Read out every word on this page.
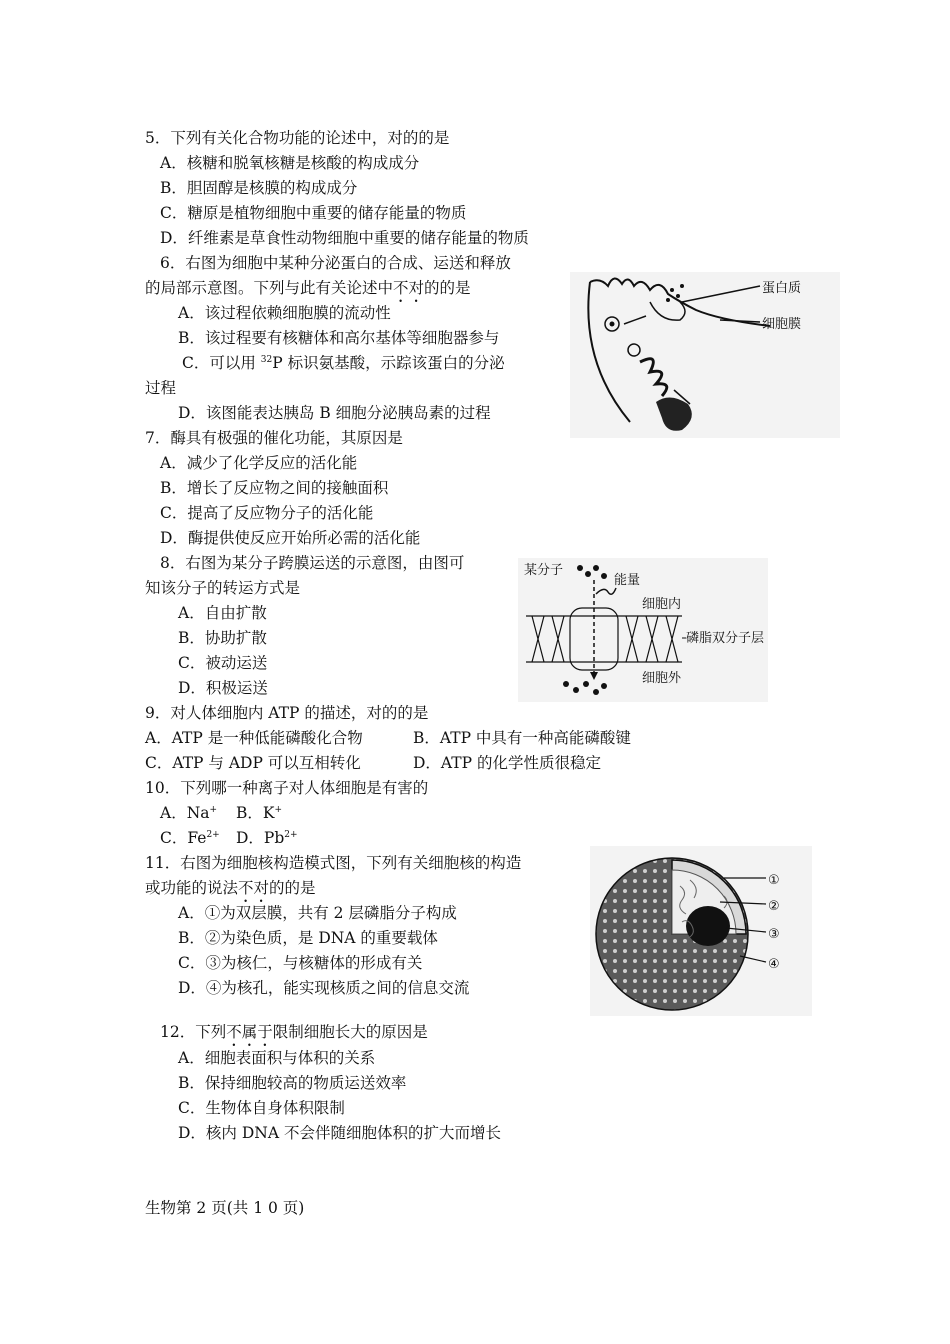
5．下列有关化合物功能的论述中，对的的是
A．核糖和脱氧核糖是核酸的构成成分
B．胆固醇是核膜的构成成分
C．糖原是植物细胞中重要的储存能量的物质
D．纤维素是草食性动物细胞中重要的储存能量的物质
6．右图为细胞中某种分泌蛋白的合成、运送和释放
的局部示意图。下列与此有关论述中不对的的是
A．该过程依赖细胞膜的流动性
B．该过程要有核糖体和高尔基体等细胞器参与
C．可以用 $^{32}$P 标识氨基酸，示踪该蛋白的分泌
过程
D．该图能表达胰岛 B 细胞分泌胰岛素的过程
蛋白质
细胞膜
7．酶具有极强的催化功能，其原因是
A．减少了化学反应的活化能
B．增长了反应物之间的接触面积
C．提高了反应物分子的活化能
D．酶提供使反应开始所必需的活化能
8．右图为某分子跨膜运送的示意图，由图可
知该分子的转运方式是
A．自由扩散
B．协助扩散
C．被动运送
D．积极运送
某分子
能量
细胞内
磷脂双分子层
细胞外
9．对人体细胞内 ATP 的描述，对的的是
A．ATP 是一种低能磷酸化合物	B．ATP 中具有一种高能磷酸键
C．ATP 与 ADP 可以互相转化	D．ATP 的化学性质很稳定
10．下列哪一种离子对人体细胞是有害的
A．Na+ B．K+
C．$Fe^{2+}$ D．$Pb^{2+}$
11．右图为细胞核构造模式图，下列有关细胞核的构造
或功能的说法不对的的是
A．①为双层膜，共有 2 层磷脂分子构成
B．②为染色质，是 DNA 的重要载体
C．③为核仁，与核糖体的形成有关
D．④为核孔，能实现核质之间的信息交流
①
②
③
④
12．下列不属于限制细胞长大的原因是
A．细胞表面积与体积的关系
B．保持细胞较高的物质运送效率
C．生物体自身体积限制
D．核内 DNA 不会伴随细胞体积的扩大而增长
生物第 2 页(共 1 0 页)
